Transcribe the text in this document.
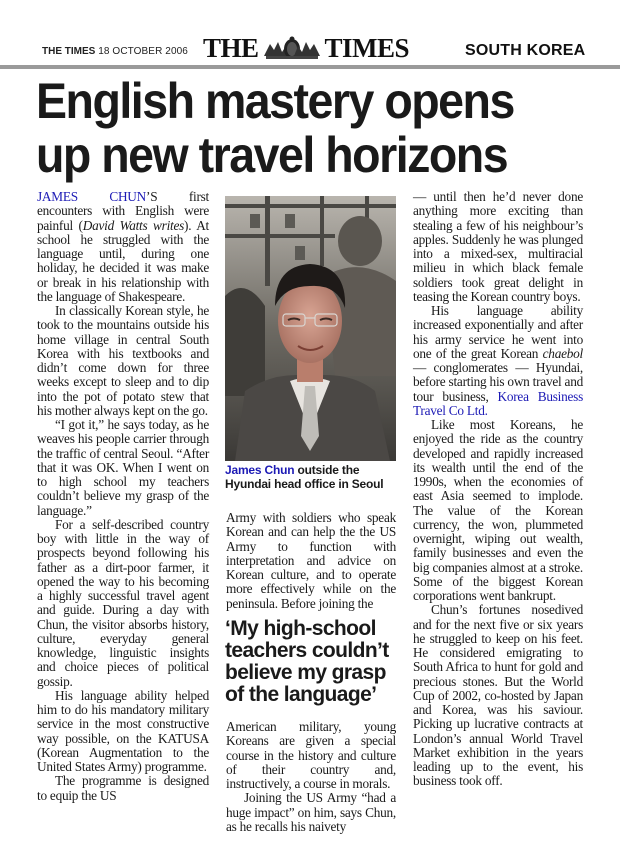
THE TIMES 18 OCTOBER 2006 THE TIMES	SOUTH KOREA
English mastery opens
up new travel horizons

JAMES CHUN’S first encounters with English were painful (David Watts writes). At school he struggled with the language until, during one holiday, he decided it was make or break in his relationship with the language of Shakespeare.

In classically Korean style, he took to the mountains outside his home village in central South Korea with his textbooks and didn’t come down for three weeks except to sleep and to dip into the pot of potato stew that his mother always kept on the go.

“I got it,” he says today, as he weaves his people carrier through the traffic of central Seoul. “After that it was OK. When I went on to high school my teachers couldn’t believe my grasp of the language.”

For a self-described country boy with little in the way of prospects beyond following his father as a dirt-poor farmer, it opened the way to his becoming a highly successful travel agent and guide. During a day with Chun, the visitor absorbs history, culture, everyday general knowledge, linguistic insights and choice pieces of political gossip.

His language ability helped him to do his mandatory military service in the most constructive way possible, on the KATUSA (Korean Augmentation to the United States Army) programme.

The programme is designed to equip the US

James Chun outside the Hyundai head office in Seoul

Army with soldiers who speak Korean and can help the the US Army to function with interpretation and advice on Korean culture, and to operate more effectively while on the peninsula. Before joining the

‘My high-school teachers couldn’t believe my grasp of the language’

American military, young Koreans are given a special course in the history and culture of their country and, instructively, a course in morals.

Joining the US Army “had a huge impact” on him, says Chun, as he recalls his naivety

— until then he’d never done anything more exciting than stealing a few of his neighbour’s apples. Suddenly he was plunged into a mixed-sex, multiracial milieu in which black female soldiers took great delight in teasing the Korean country boys.

His language ability increased exponentially and after his army service he went into one of the great Korean chaebol — conglomerates — Hyundai, before starting his own travel and tour business, Korea Business Travel Co Ltd.

Like most Koreans, he enjoyed the ride as the country developed and rapidly increased its wealth until the end of the 1990s, when the economies of east Asia seemed to implode. The value of the Korean currency, the won, plummeted overnight, wiping out wealth, family businesses and even the big companies almost at a stroke. Some of the biggest Korean corporations went bankrupt.

Chun’s fortunes nosedived and for the next five or six years he struggled to keep on his feet. He considered emigrating to South Africa to hunt for gold and precious stones. But the World Cup of 2002, co-hosted by Japan and Korea, was his saviour. Picking up lucrative contracts at London’s annual World Travel Market exhibition in the years leading up to the event, his business took off.
